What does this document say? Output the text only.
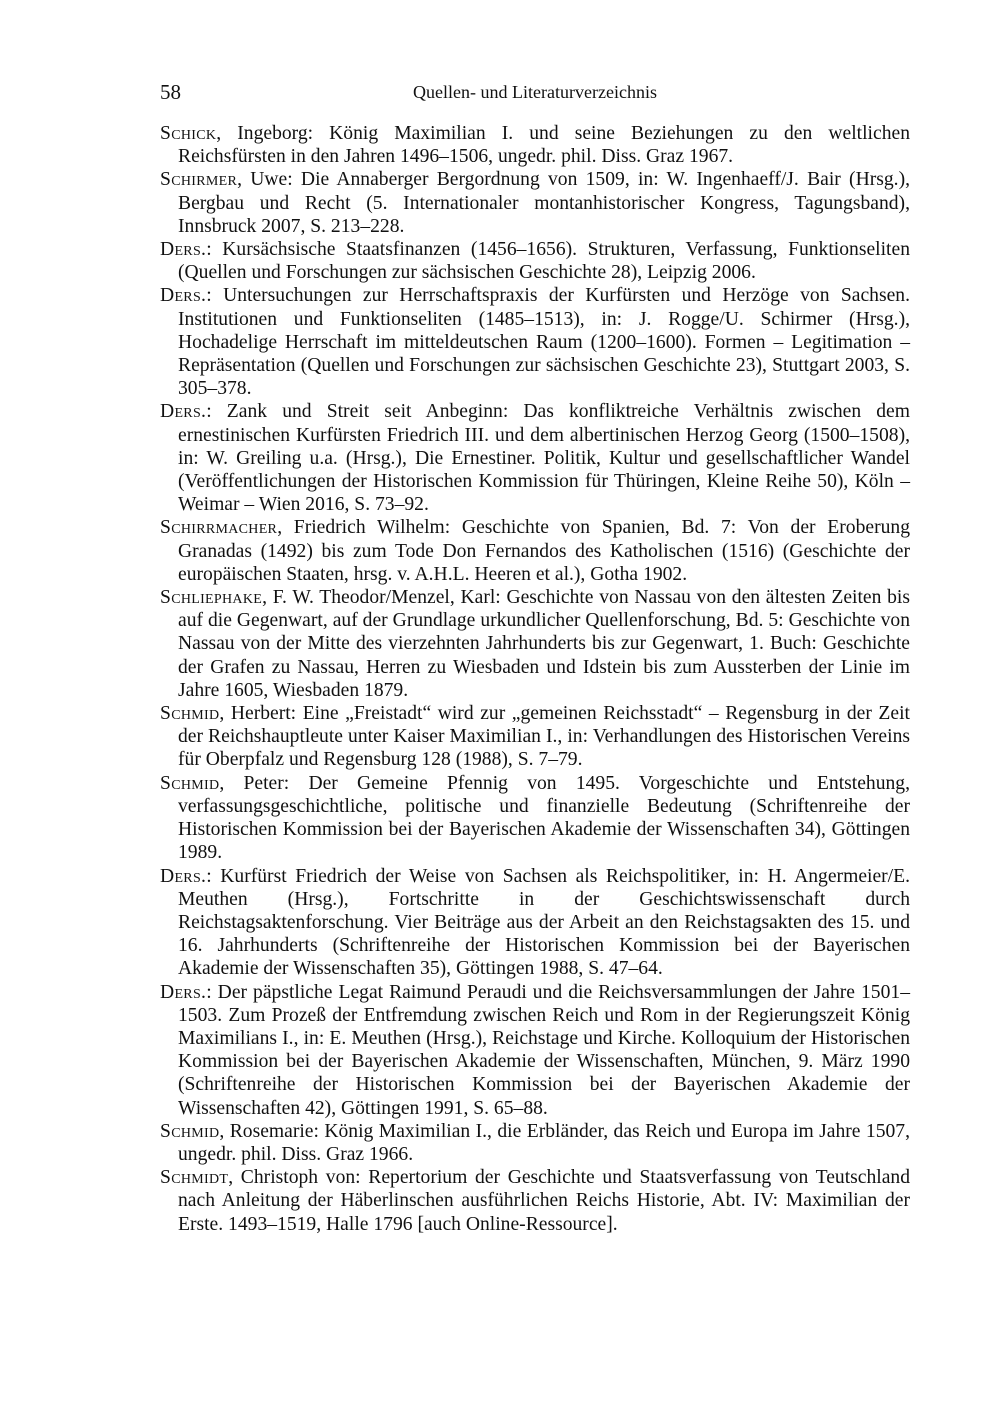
58	Quellen- und Literaturverzeichnis

Schick, Ingeborg: König Maximilian I. und seine Beziehungen zu den weltlichen Reichsfürsten in den Jahren 1496–1506, ungedr. phil. Diss. Graz 1967.

Schirmer, Uwe: Die Annaberger Bergordnung von 1509, in: W. Ingenhaeff/J. Bair (Hrsg.), Bergbau und Recht (5. Internationaler montanhistorischer Kongress, Tagungsband), Innsbruck 2007, S. 213–228.

Ders.: Kursächsische Staatsfinanzen (1456–1656). Strukturen, Verfassung, Funktionseliten (Quellen und Forschungen zur sächsischen Geschichte 28), Leipzig 2006.

Ders.: Untersuchungen zur Herrschaftspraxis der Kurfürsten und Herzöge von Sachsen. Institutionen und Funktionseliten (1485–1513), in: J. Rogge/U. Schirmer (Hrsg.), Hochadelige Herrschaft im mitteldeutschen Raum (1200–1600). Formen – Legitimation – Repräsentation (Quellen und Forschungen zur sächsischen Geschichte 23), Stuttgart 2003, S. 305–378.

Ders.: Zank und Streit seit Anbeginn: Das konfliktreiche Verhältnis zwischen dem ernestinischen Kurfürsten Friedrich III. und dem albertinischen Herzog Georg (1500–1508), in: W. Greiling u.a. (Hrsg.), Die Ernestiner. Politik, Kultur und gesellschaftlicher Wandel (Veröffentlichungen der Historischen Kommission für Thüringen, Kleine Reihe 50), Köln – Weimar – Wien 2016, S. 73–92.

Schirrmacher, Friedrich Wilhelm: Geschichte von Spanien, Bd. 7: Von der Eroberung Granadas (1492) bis zum Tode Don Fernandos des Katholischen (1516) (Geschichte der europäischen Staaten, hrsg. v. A.H.L. Heeren et al.), Gotha 1902.

Schliephake, F. W. Theodor/Menzel, Karl: Geschichte von Nassau von den ältesten Zeiten bis auf die Gegenwart, auf der Grundlage urkundlicher Quellenforschung, Bd. 5: Geschichte von Nassau von der Mitte des vierzehnten Jahrhunderts bis zur Gegenwart, 1. Buch: Geschichte der Grafen zu Nassau, Herren zu Wiesbaden und Idstein bis zum Aussterben der Linie im Jahre 1605, Wiesbaden 1879.

Schmid, Herbert: Eine „Freistadt“ wird zur „gemeinen Reichsstadt“ – Regensburg in der Zeit der Reichshauptleute unter Kaiser Maximilian I., in: Verhandlungen des Historischen Vereins für Oberpfalz und Regensburg 128 (1988), S. 7–79.

Schmid, Peter: Der Gemeine Pfennig von 1495. Vorgeschichte und Entstehung, verfassungsgeschichtliche, politische und finanzielle Bedeutung (Schriftenreihe der Historischen Kommission bei der Bayerischen Akademie der Wissenschaften 34), Göttingen 1989.

Ders.: Kurfürst Friedrich der Weise von Sachsen als Reichspolitiker, in: H. Angermeier/E. Meuthen (Hrsg.), Fortschritte in der Geschichtswissenschaft durch Reichstagsaktenforschung. Vier Beiträge aus der Arbeit an den Reichstagsakten des 15. und 16. Jahrhunderts (Schriftenreihe der Historischen Kommission bei der Bayerischen Akademie der Wissenschaften 35), Göttingen 1988, S. 47–64.

Ders.: Der päpstliche Legat Raimund Peraudi und die Reichsversammlungen der Jahre 1501–1503. Zum Prozeß der Entfremdung zwischen Reich und Rom in der Regierungszeit König Maximilians I., in: E. Meuthen (Hrsg.), Reichstage und Kirche. Kolloquium der Historischen Kommission bei der Bayerischen Akademie der Wissenschaften, München, 9. März 1990 (Schriftenreihe der Historischen Kommission bei der Bayerischen Akademie der Wissenschaften 42), Göttingen 1991, S. 65–88.

Schmid, Rosemarie: König Maximilian I., die Erbländer, das Reich und Europa im Jahre 1507, ungedr. phil. Diss. Graz 1966.

Schmidt, Christoph von: Repertorium der Geschichte und Staatsverfassung von Teutschland nach Anleitung der Häberlinschen ausführlichen Reichs Historie, Abt. IV: Maximilian der Erste. 1493–1519, Halle 1796 [auch Online-Ressource].
